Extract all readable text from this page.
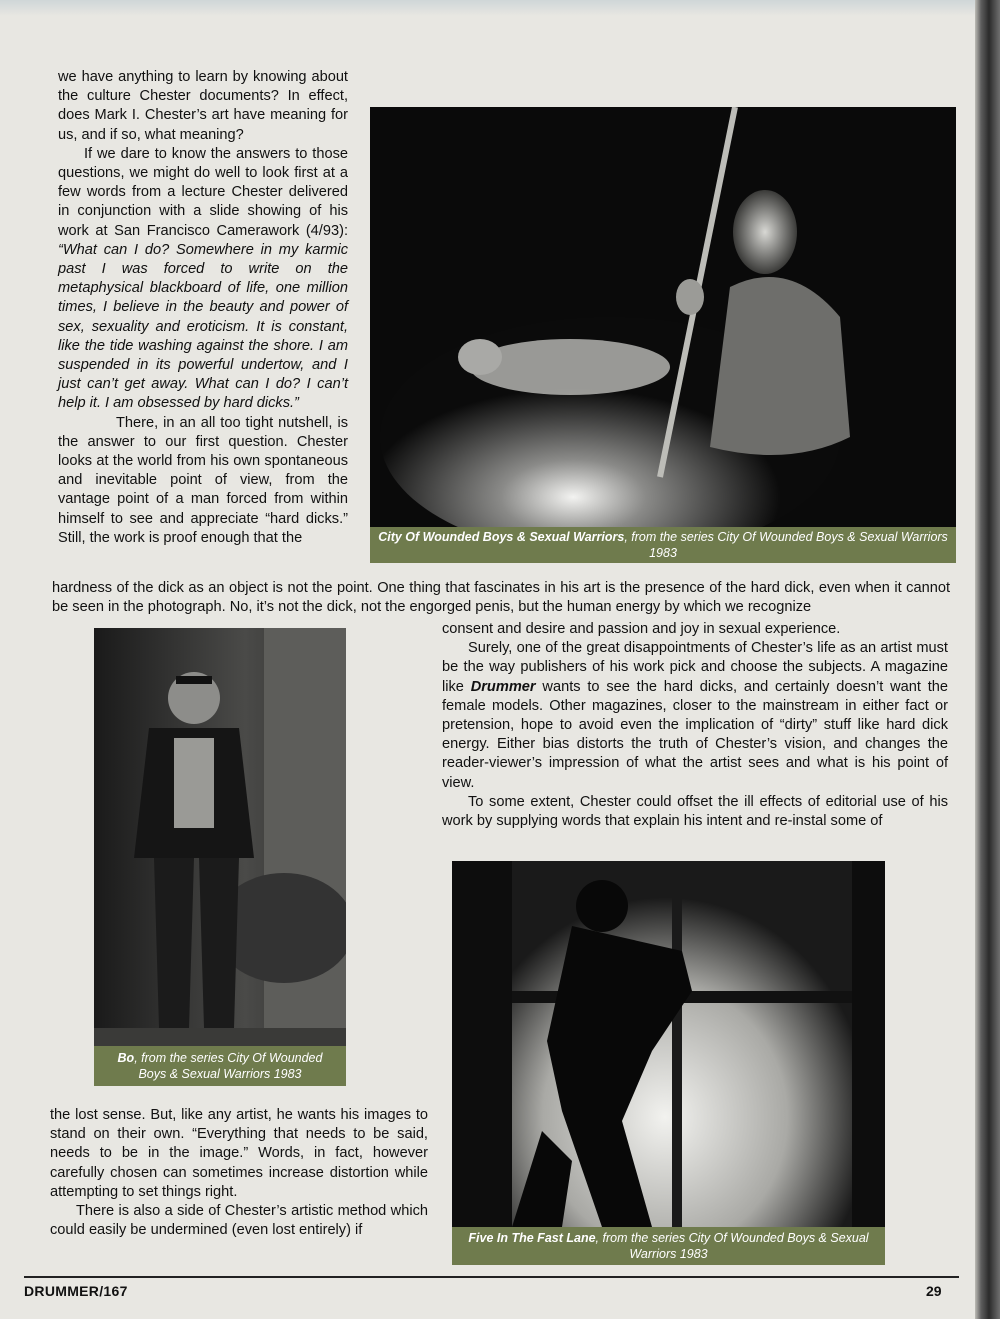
we have anything to learn by knowing about the culture Chester documents? In effect, does Mark I. Chester’s art have meaning for us, and if so, what meaning?

If we dare to know the answers to those questions, we might do well to look first at a few words from a lecture Chester delivered in conjunction with a slide showing of his work at San Francisco Camerawork (4/93): “What can I do? Somewhere in my karmic past I was forced to write on the metaphysical blackboard of life, one million times, I believe in the beauty and power of sex, sexuality and eroticism. It is constant, like the tide washing against the shore. I am suspended in its powerful undertow, and I just can’t get away. What can I do? I can’t help it. I am obsessed by hard dicks.”

There, in an all too tight nutshell, is the answer to our first question. Chester looks at the world from his own spontaneous and inevitable point of view, from the vantage point of a man forced from within himself to see and appreciate “hard dicks.” Still, the work is proof enough that the	City Of Wounded Boys & Sexual Warriors, from the series City Of Wounded Boys & Sexual Warriors 1983

hardness of the dick as an object is not the point. One thing that fascinates in his art is the presence of the hard dick, even when it cannot be seen in the photograph. No, it’s not the dick, not the engorged penis, but the human energy by which we recognize

Bo, from the series City Of Wounded Boys & Sexual Warriors 1983

consent and desire and passion and joy in sexual experience.

Surely, one of the great disappointments of Chester’s life as an artist must be the way publishers of his work pick and choose the subjects. A magazine like Drummer wants to see the hard dicks, and certainly doesn’t want the female models. Other magazines, closer to the mainstream in either fact or pretension, hope to avoid even the implication of “dirty” stuff like hard dick energy. Either bias distorts the truth of Chester’s vision, and changes the reader-viewer’s impression of what the artist sees and what is his point of view.

To some extent, Chester could offset the ill effects of editorial use of his work by supplying words that explain his intent and re-instal some of

Five In The Fast Lane, from the series City Of Wounded Boys & Sexual Warriors 1983

the lost sense. But, like any artist, he wants his images to stand on their own. “Everything that needs to be said, needs to be in the image.” Words, in fact, however carefully chosen can sometimes increase distortion while attempting to set things right.

There is also a side of Chester’s artistic method which could easily be undermined (even lost entirely) if

DRUMMER/167	29
